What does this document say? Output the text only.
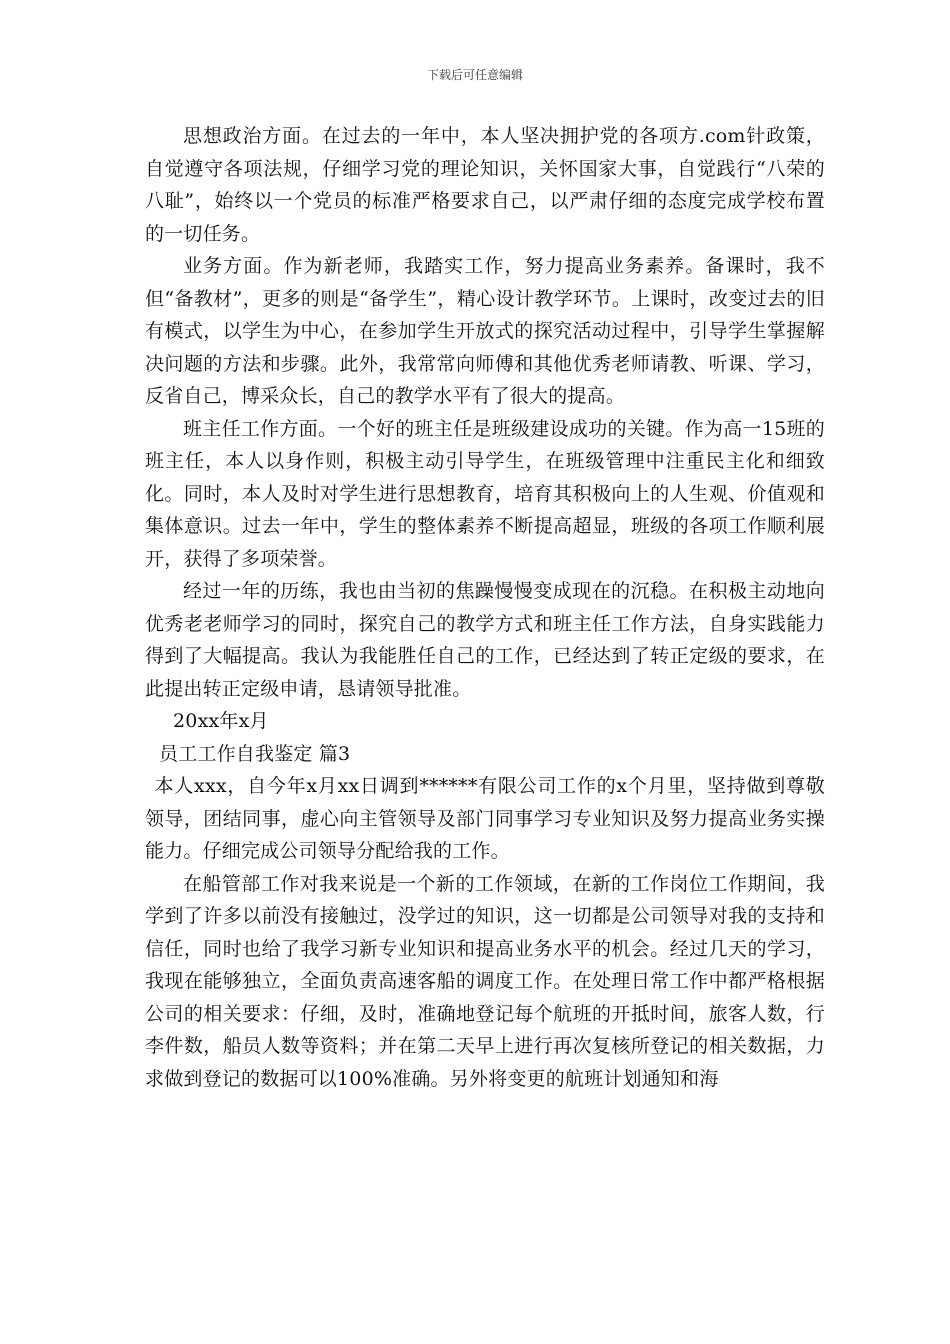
下载后可任意编辑

思想政治方面。在过去的一年中，本人坚决拥护党的各项方.com针政策，自觉遵守各项法规，仔细学习党的理论知识，关怀国家大事，自觉践行“八荣的八耻”，始终以一个党员的标准严格要求自己，以严肃仔细的态度完成学校布置的一切任务。

业务方面。作为新老师，我踏实工作，努力提高业务素养。备课时，我不但“备教材”，更多的则是“备学生”，精心设计教学环节。上课时，改变过去的旧有模式，以学生为中心，在参加学生开放式的探究活动过程中，引导学生掌握解决问题的方法和步骤。此外，我常常向师傅和其他优秀老师请教、听课、学习，反省自己，博采众长，自己的教学水平有了很大的提高。

班主任工作方面。一个好的班主任是班级建设成功的关键。作为高一15班的班主任，本人以身作则，积极主动引导学生，在班级管理中注重民主化和细致化。同时，本人及时对学生进行思想教育，培育其积极向上的人生观、价值观和集体意识。过去一年中，学生的整体素养不断提高超显，班级的各项工作顺利展开，获得了多项荣誉。

经过一年的历练，我也由当初的焦躁慢慢变成现在的沉稳。在积极主动地向优秀老老师学习的同时，探究自己的教学方式和班主任工作方法，自身实践能力得到了大幅提高。我认为我能胜任自己的工作，已经达到了转正定级的要求，在此提出转正定级申请，恳请领导批准。

20xx年x月

员工工作自我鉴定 篇3

本人xxx，自今年x月xx日调到******有限公司工作的x个月里，坚持做到尊敬领导，团结同事，虚心向主管领导及部门同事学习专业知识及努力提高业务实操能力。仔细完成公司领导分配给我的工作。

在船管部工作对我来说是一个新的工作领域，在新的工作岗位工作期间，我学到了许多以前没有接触过，没学过的知识，这一切都是公司领导对我的支持和信任，同时也给了我学习新专业知识和提高业务水平的机会。经过几天的学习，我现在能够独立，全面负责高速客船的调度工作。在处理日常工作中都严格根据公司的相关要求：仔细，及时，准确地登记每个航班的开抵时间，旅客人数，行李件数，船员人数等资料；并在第二天早上进行再次复核所登记的相关数据，力求做到登记的数据可以100%准确。另外将变更的航班计划通知和海
